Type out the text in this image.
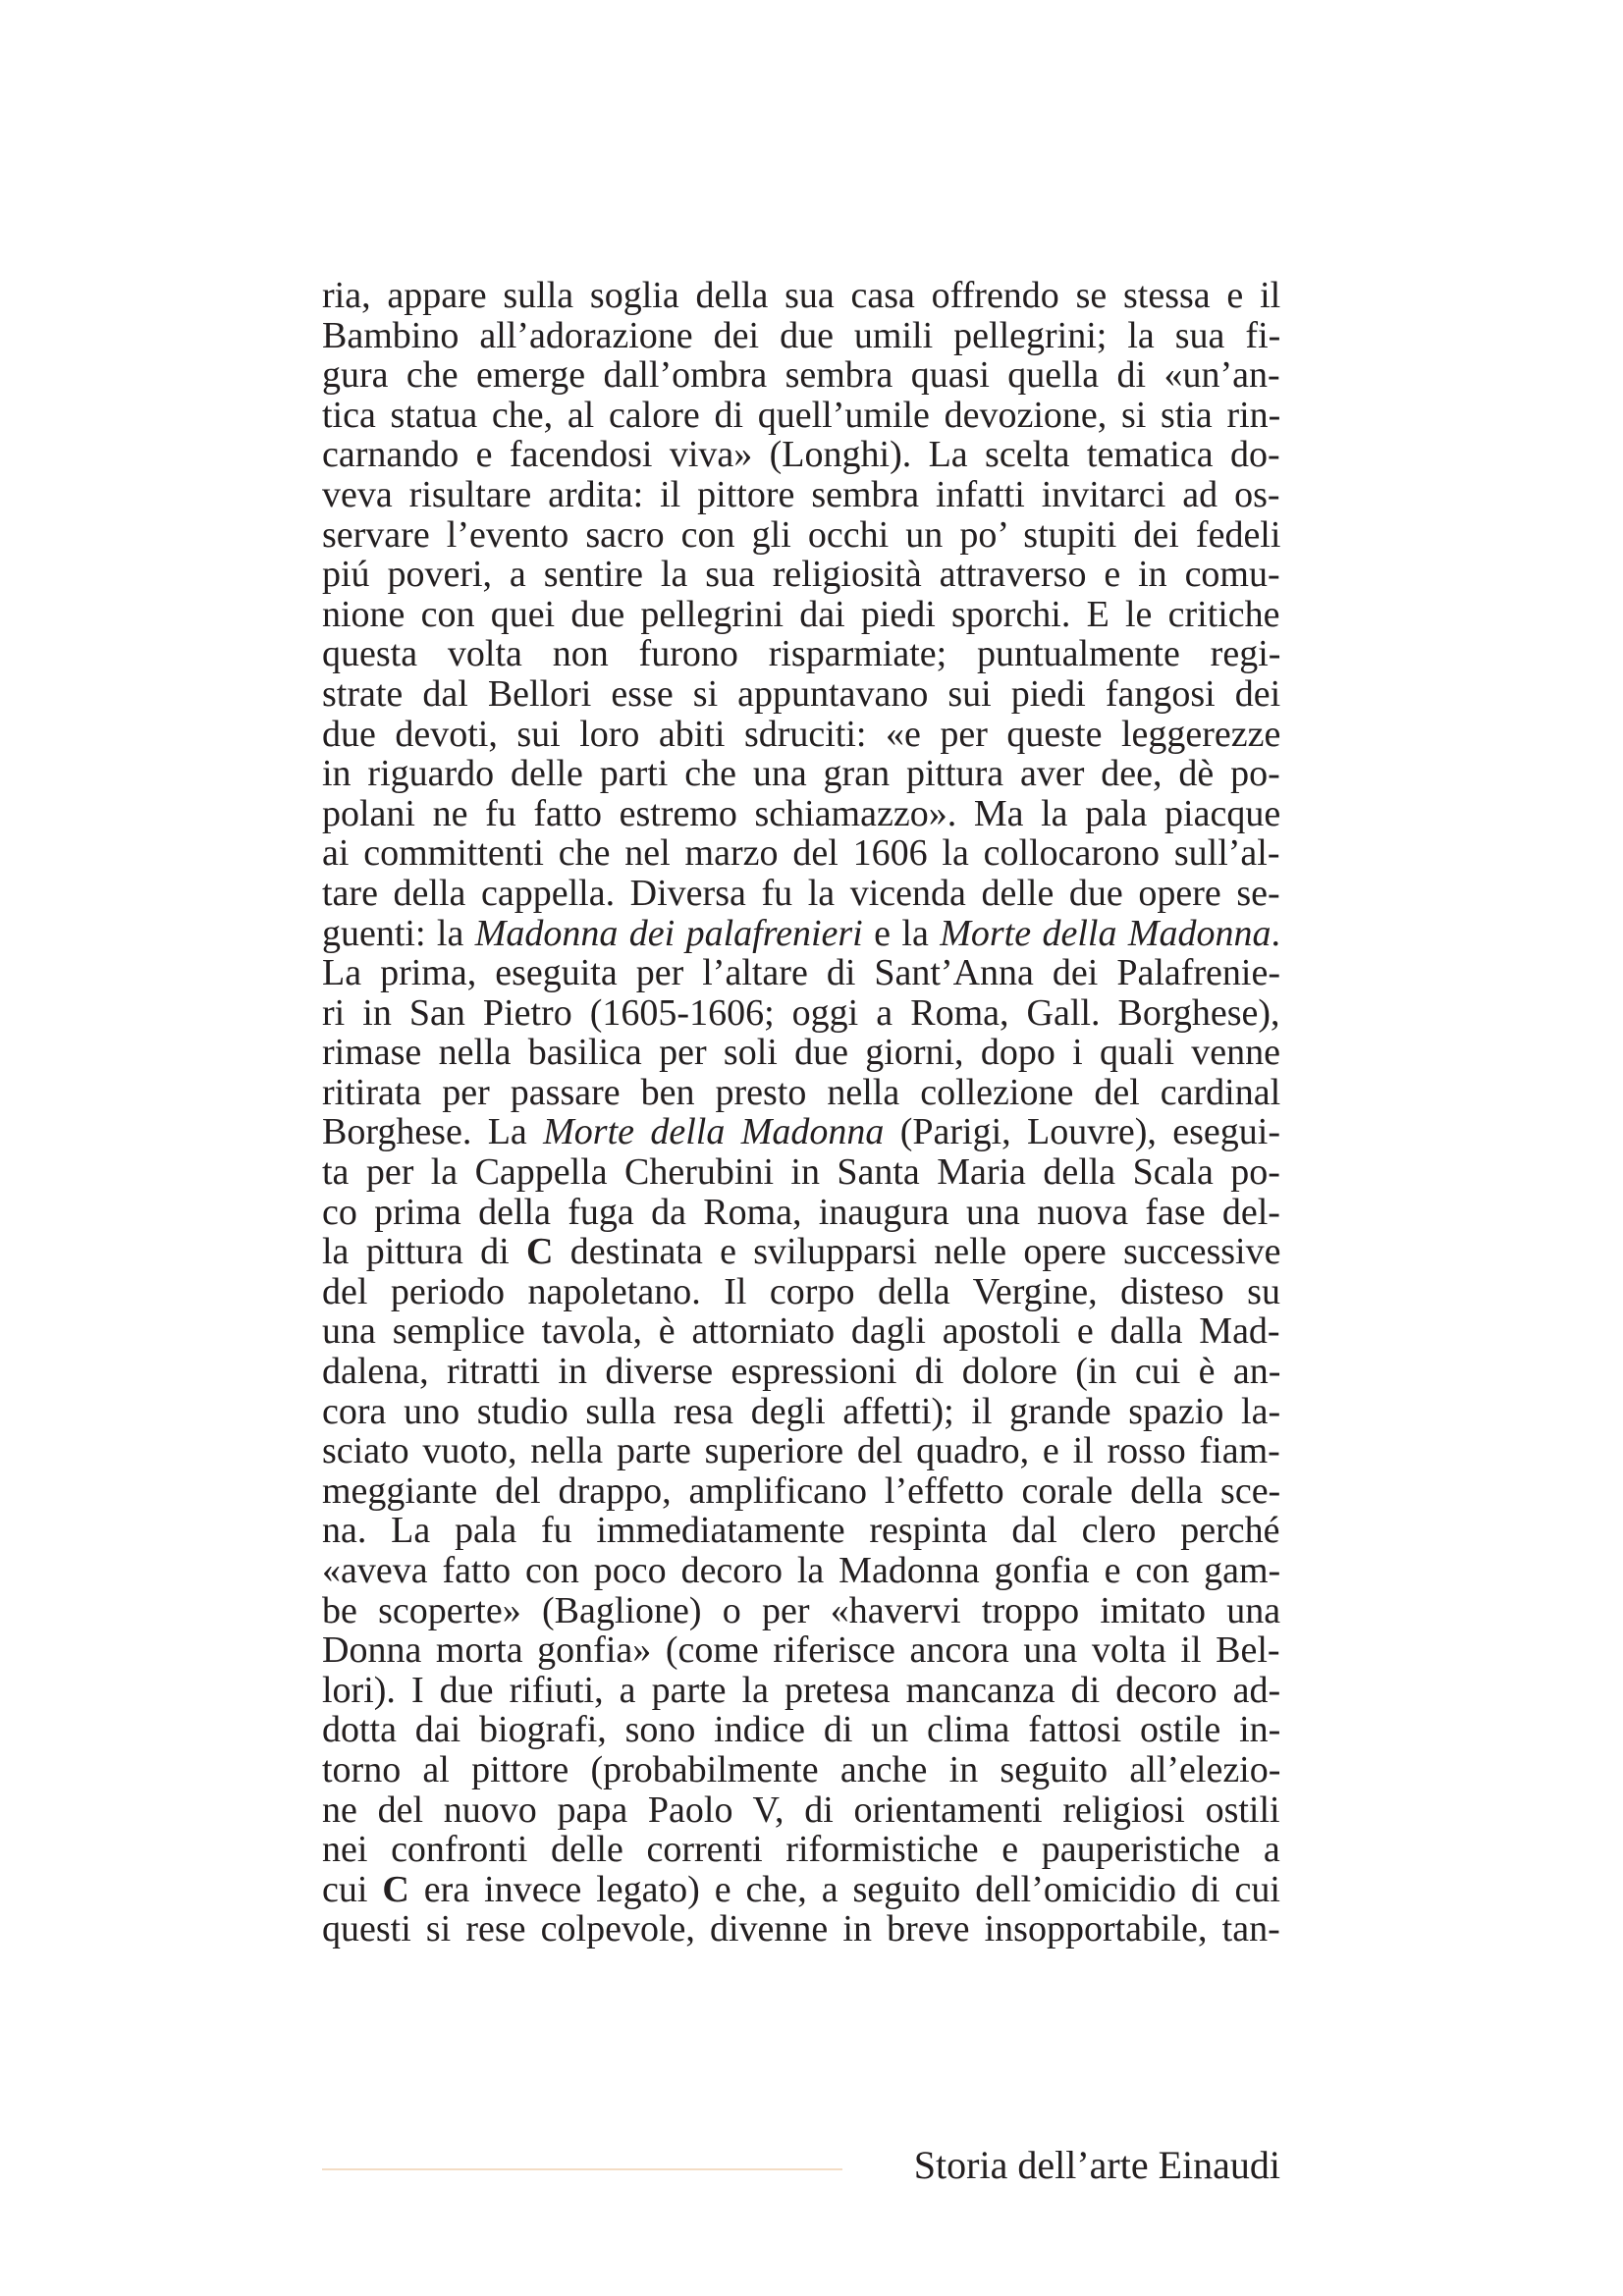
ria, appare sulla soglia della sua casa offrendo se stessa e il
Bambino all’adorazione dei due umili pellegrini; la sua fi-
gura che emerge dall’ombra sembra quasi quella di «un’an-
tica statua che, al calore di quell’umile devozione, si stia rin-
carnando e facendosi viva» (Longhi). La scelta tematica do-
veva risultare ardita: il pittore sembra infatti invitarci ad os-
servare l’evento sacro con gli occhi un po’ stupiti dei fedeli
piú poveri, a sentire la sua religiosità attraverso e in comu-
nione con quei due pellegrini dai piedi sporchi. E le critiche
questa volta non furono risparmiate; puntualmente regi-
strate dal Bellori esse si appuntavano sui piedi fangosi dei
due devoti, sui loro abiti sdruciti: «e per queste leggerezze
in riguardo delle parti che una gran pittura aver dee, dè po-
polani ne fu fatto estremo schiamazzo». Ma la pala piacque
ai committenti che nel marzo del 1606 la collocarono sull’al-
tare della cappella. Diversa fu la vicenda delle due opere se-
guenti: la Madonna dei palafrenieri e la Morte della Madonna.
La prima, eseguita per l’altare di Sant’Anna dei Palafrenie-
ri in San Pietro (1605-1606; oggi a Roma, Gall. Borghese),
rimase nella basilica per soli due giorni, dopo i quali venne
ritirata per passare ben presto nella collezione del cardinal
Borghese. La Morte della Madonna (Parigi, Louvre), esegui-
ta per la Cappella Cherubini in Santa Maria della Scala po-
co prima della fuga da Roma, inaugura una nuova fase del-
la pittura di C destinata e svilupparsi nelle opere successive
del periodo napoletano. Il corpo della Vergine, disteso su
una semplice tavola, è attorniato dagli apostoli e dalla Mad-
dalena, ritratti in diverse espressioni di dolore (in cui è an-
cora uno studio sulla resa degli affetti); il grande spazio la-
sciato vuoto, nella parte superiore del quadro, e il rosso fiam-
meggiante del drappo, amplificano l’effetto corale della sce-
na. La pala fu immediatamente respinta dal clero perché
«aveva fatto con poco decoro la Madonna gonfia e con gam-
be scoperte» (Baglione) o per «havervi troppo imitato una
Donna morta gonfia» (come riferisce ancora una volta il Bel-
lori). I due rifiuti, a parte la pretesa mancanza di decoro ad-
dotta dai biografi, sono indice di un clima fattosi ostile in-
torno al pittore (probabilmente anche in seguito all’elezio-
ne del nuovo papa Paolo V, di orientamenti religiosi ostili
nei confronti delle correnti riformistiche e pauperistiche a
cui C era invece legato) e che, a seguito dell’omicidio di cui
questi si rese colpevole, divenne in breve insopportabile, tan-
Storia dell’arte Einaudi
